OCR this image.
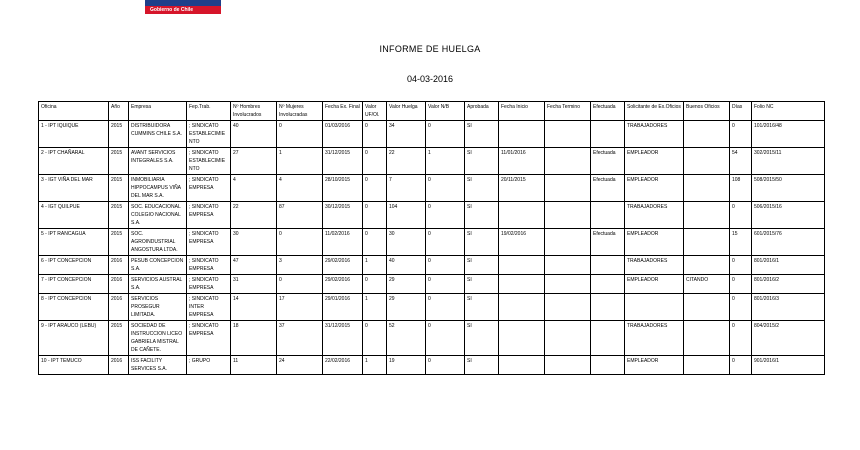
Gobierno de Chile
INFORME DE HUELGA
04-03-2016
Oficina	Año	Empresa	Fep.Trab.	Nº Hombres Involucrados	Nº Mujeres Involucradas	Fecha Ex. Final	Valor UF/Ol.	Valor Huelga	Valor N/B	Aprobada	Fecha Inicio	Fecha Termino	Efectuada	Solicitante de Ex.Oficios	Buenos Oficios	Días	Folio NC
1 - IPT IQUIQUE	2015	DISTRIBUIDORA CUMMINS CHILE S.A.	; SINDICATO ESTABLECIMIENTO	40	0	01/03/2016	0	34	0	SI				TRABAJADORES		0	101/2016/48
2 - IPT CHAÑARAL	2015	AVANT SERVICIOS INTEGRALES S.A.	; SINDICATO ESTABLECIMIENTO	27	1	31/12/2015	0	22	1	SI	11/01/2016		Efectuada	EMPLEADOR		54	302/2015/11
3 - IGT VIÑA DEL MAR	2015	INMOBILIARIA HIPPOCAMPUS VIÑA DEL MAR S.A.	; SINDICATO EMPRESA	4	4	28/10/2015	0	7	0	SI	20/11/2015		Efectuada	EMPLEADOR		108	508/2015/50
4 - IGT QUILPUE	2015	SOC. EDUCACIONAL COLEGIO NACIONAL S.A.	; SINDICATO EMPRESA	22	87	30/12/2015	0	104	0	SI				TRABAJADORES		0	506/2015/16
5 - IPT RANCAGUA	2015	SOC. AGROINDUSTRIAL ANGOSTURA LTDA.	; SINDICATO EMPRESA	30	0	11/02/2016	0	30	0	SI	19/02/2016		Efectuada	EMPLEADOR		15	601/2015/76
6 - IPT CONCEPCION	2016	PESUB CONCEPCION S.A.	; SINDICATO EMPRESA	47	3	29/02/2016	1	40	0	SI				TRABAJADORES		0	801/2016/1
7 - IPT CONCEPCION	2016	SERVICIOS AUSTRAL S.A.	; SINDICATO EMPRESA	31	0	29/02/2016	0	29	0	SI				EMPLEADOR	CITANDO	0	801/2016/2
8 - IPT CONCEPCION	2016	SERVICIOS PROSEGUR LIMITADA.	; SINDICATO INTER EMPRESA	14	17	29/01/2016	1	29	0	SI						0	801/2016/3
9 - IPT ARAUCO (LEBU)	2015	SOCIEDAD DE INSTRUCCION LICEO GABRIELA MISTRAL DE CAÑETE.	; SINDICATO EMPRESA	18	37	31/12/2015	0	52	0	SI				TRABAJADORES		0	804/2015/2
10 - IPT TEMUCO	2016	ISS FACILITY SERVICES S.A.	; GRUPO	11	24	22/02/2016	1	19	0	SI				EMPLEADOR		0	901/2016/1
